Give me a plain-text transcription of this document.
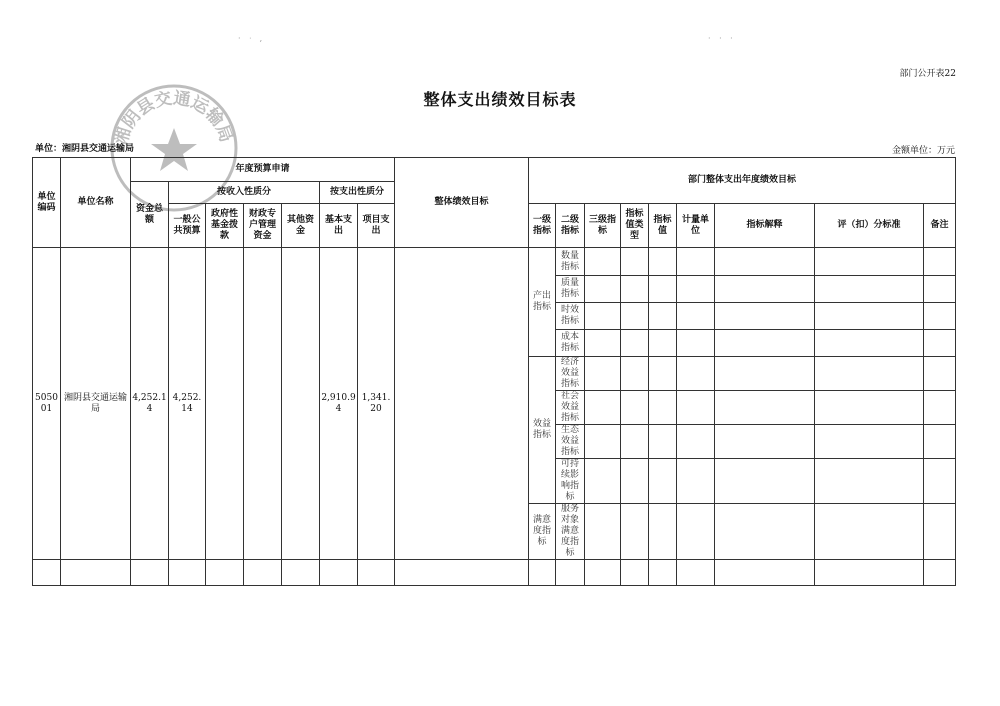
· ᐧ ,	· · ·
湘阴县交通运输局
部门公开表22
整体支出绩效目标表
单位：湘阴县交通运输局	金额单位：万元
单位编码	单位名称	年度预算申请							整体绩效目标	部门整体支出年度绩效目标								
		资金总额	按收入性质分				按支出性质分											
			一般公共预算	政府性基金拨款	财政专户管理资金	其他资金	基本支出	项目支出		一级指标	二级指标	三级指标	指标值类型	指标值	计量单位	指标解释	评（扣）分标准	备注
505001	湘阴县交通运输局	4,252.14	4,252.14				2,910.94	1,341.20		产出指标	数量指标							
											质量指标							
											时效指标							
											成本指标							
										效益指标	经济效益指标							
											社会效益指标							
											生态效益指标							
											可持续影响指标							
										满意度指标	服务对象满意度指标							
